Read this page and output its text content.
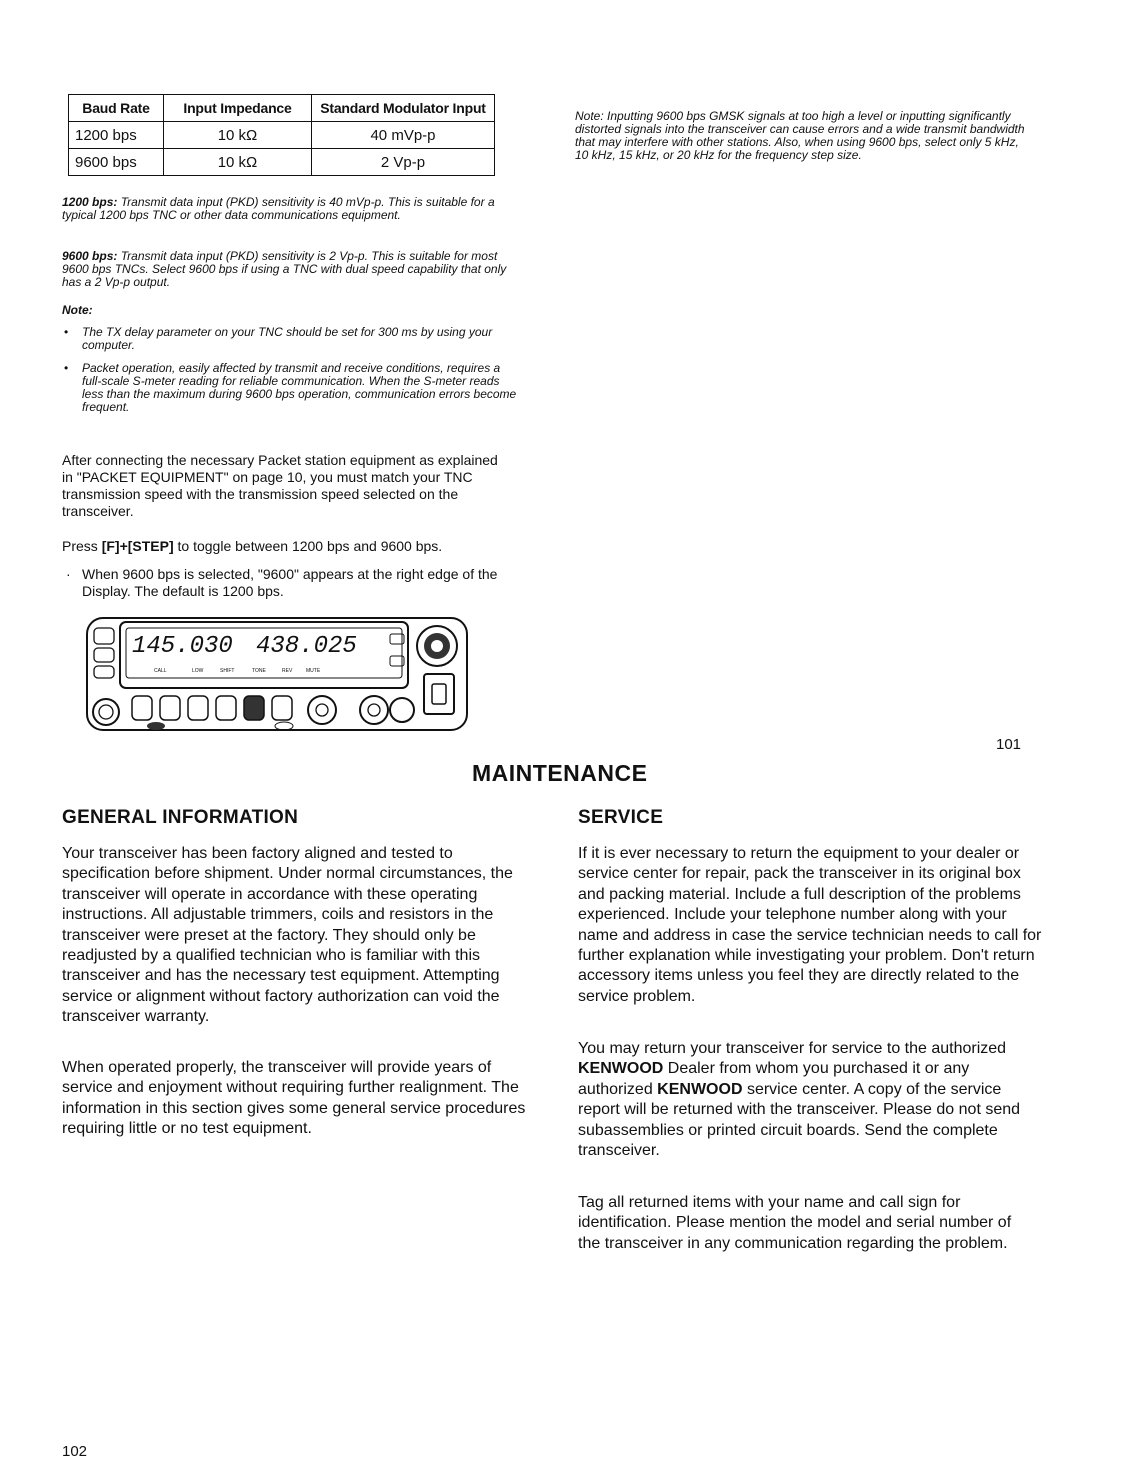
Baud Rate	Input Impedance	Standard Modulator Input
1200 bps	10 kΩ	40 mVp-p
9600 bps	10 kΩ	2 Vp-p

Note: Inputting 9600 bps GMSK signals at too high a level or inputting significantly distorted signals into the transceiver can cause errors and a wide transmit bandwidth that may interfere with other stations. Also, when using 9600 bps, select only 5 kHz, 10 kHz, 15 kHz, or 20 kHz for the frequency step size.

1200 bps: Transmit data input (PKD) sensitivity is 40 mVp-p. This is suitable for a typical 1200 bps TNC or other data communications equipment.

9600 bps: Transmit data input (PKD) sensitivity is 2 Vp-p. This is suitable for most 9600 bps TNCs. Select 9600 bps if using a TNC with dual speed capability that only has a 2 Vp-p output.

Note:

• The TX delay parameter on your TNC should be set for 300 ms by using your computer.

• Packet operation, easily affected by transmit and receive conditions, requires a full-scale S-meter reading for reliable communication. When the S-meter reads less than the maximum during 9600 bps operation, communication errors become frequent.

After connecting the necessary Packet station equipment as explained in "PACKET EQUIPMENT" on page 10, you must match your TNC transmission speed with the transmission speed selected on the transceiver.

Press [F]+[STEP] to toggle between 1200 bps and 9600 bps.

· When 9600 bps is selected, "9600" appears at the right edge of the Display. The default is 1200 bps.

145.030 438.025
CALL	LOW	SHIFT	TONE	REV	MUTE
101
MAINTENANCE
GENERAL INFORMATION

Your transceiver has been factory aligned and tested to specification before shipment. Under normal circumstances, the transceiver will operate in accordance with these operating instructions. All adjustable trimmers, coils and resistors in the transceiver were preset at the factory. They should only be readjusted by a qualified technician who is familiar with this transceiver and has the necessary test equipment. Attempting service or alignment without factory authorization can void the transceiver warranty.

When operated properly, the transceiver will provide years of service and enjoyment without requiring further realignment. The information in this section gives some general service procedures requiring little or no test equipment.

SERVICE

If it is ever necessary to return the equipment to your dealer or service center for repair, pack the transceiver in its original box and packing material. Include a full description of the problems experienced. Include your telephone number along with your name and address in case the service technician needs to call for further explanation while investigating your problem. Don't return accessory items unless you feel they are directly related to the service problem.

You may return your transceiver for service to the authorized KENWOOD Dealer from whom you purchased it or any authorized KENWOOD service center. A copy of the service report will be returned with the transceiver. Please do not send subassemblies or printed circuit boards. Send the complete transceiver.

Tag all returned items with your name and call sign for identification. Please mention the model and serial number of the transceiver in any communication regarding the problem.

102
